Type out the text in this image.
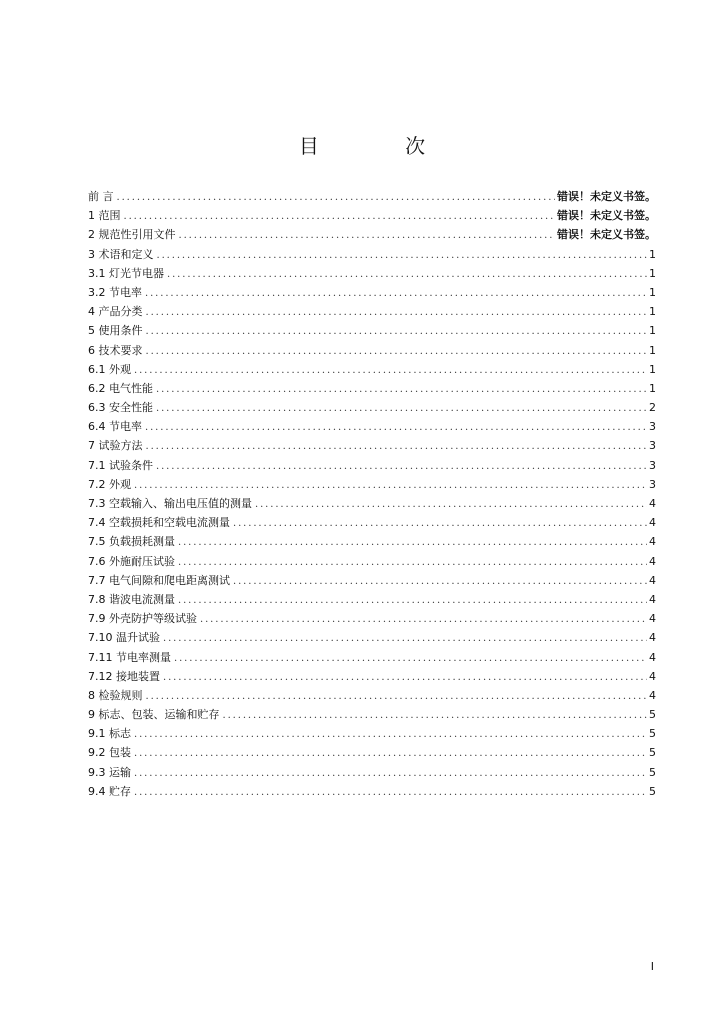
目 次
前 言 .....	错误！未定义书签。
1 范围 .....	错误！未定义书签。
2 规范性引用文件 .....	错误！未定义书签。
3 术语和定义 .....	1
3.1 灯光节电器 .....	1
3.2 节电率 .....	1
4 产品分类 .....	1
5 使用条件 .....	1
6 技术要求 .....	1
6.1 外观 .....	1
6.2 电气性能 .....	1
6.3 安全性能 .....	2
6.4 节电率 .....	3
7 试验方法 .....	3
7.1 试验条件 .....	3
7.2 外观 .....	3
7.3 空载输入、输出电压值的测量 .....	4
7.4 空载损耗和空载电流测量 .....	4
7.5 负载损耗测量 .....	4
7.6 外施耐压试验 .....	4
7.7 电气间隙和爬电距离测试 .....	4
7.8 谐波电流测量 .....	4
7.9 外壳防护等级试验 .....	4
7.10 温升试验 .....	4
7.11 节电率测量 .....	4
7.12 接地装置 .....	4
8 检验规则 .....	4
9 标志、包装、运输和贮存 .....	5
9.1 标志 .....	5
9.2 包装 .....	5
9.3 运输 .....	5
9.4 贮存 .....	5
I
